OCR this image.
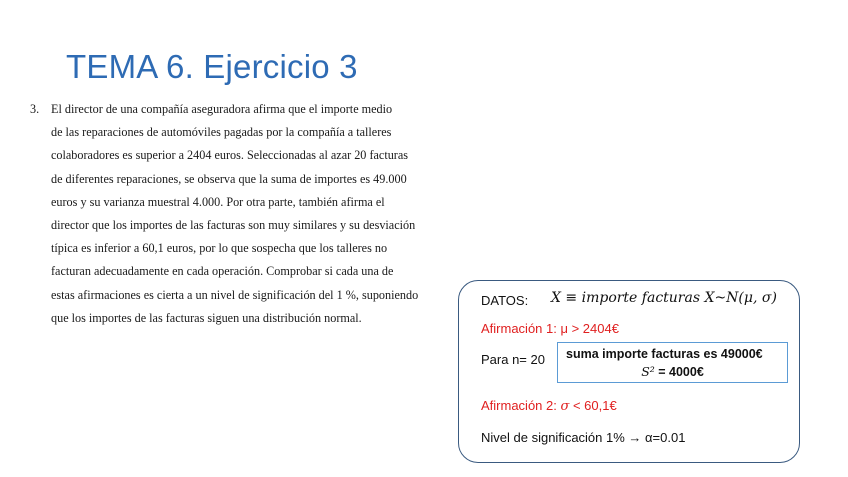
TEMA 6. Ejercicio 3
3. El director de una compañía aseguradora afirma que el importe medio
de las reparaciones de automóviles pagadas por la compañía a talleres
colaboradores es superior a 2404 euros. Seleccionadas al azar 20 facturas
de diferentes reparaciones, se observa que la suma de importes es 49.000
euros y su varianza muestral 4.000. Por otra parte, también afirma el
director que los importes de las facturas son muy similares y su desviación
típica es inferior a 60,1 euros, por lo que sospecha que los talleres no
facturan adecuadamente en cada operación. Comprobar si cada una de
estas afirmaciones es cierta a un nivel de significación del 1 %, suponiendo
que los importes de las facturas siguen una distribución normal.
DATOS: X ≡ importe facturas X~N(μ, σ)
Afirmación 1: μ > 2404€
Para n= 20 suma importe facturas es 49000€
S² = 4000€
Afirmación 2: σ < 60,1€
Nivel de significación 1% → α=0.01
